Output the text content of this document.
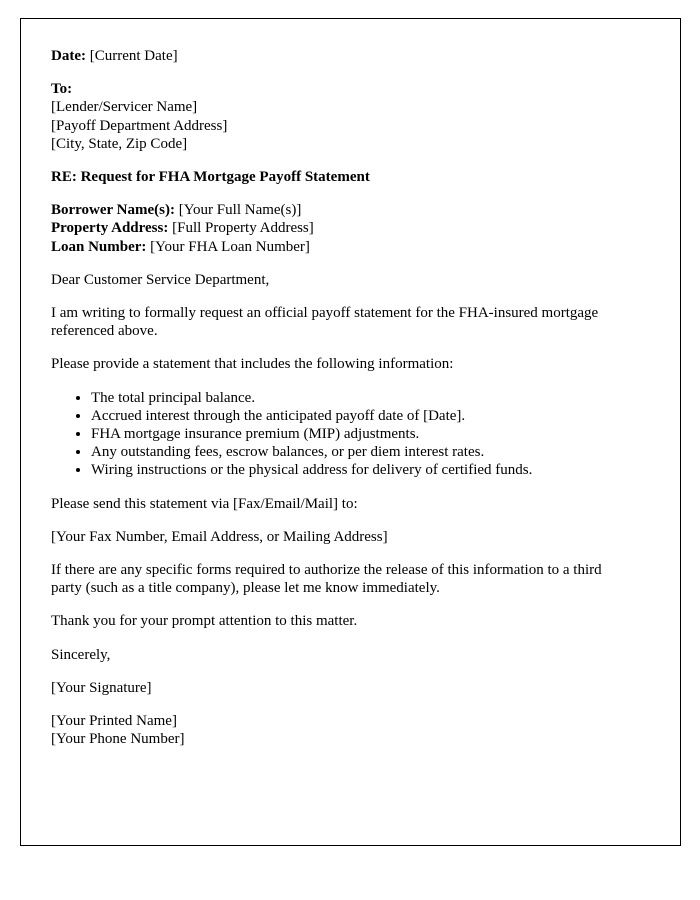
Date: [Current Date]

To:
[Lender/Servicer Name]
[Payoff Department Address]
[City, State, Zip Code]

RE: Request for FHA Mortgage Payoff Statement

Borrower Name(s): [Your Full Name(s)]
Property Address: [Full Property Address]
Loan Number: [Your FHA Loan Number]

Dear Customer Service Department,

I am writing to formally request an official payoff statement for the FHA-insured mortgage referenced above.

Please provide a statement that includes the following information:

• The total principal balance.
• Accrued interest through the anticipated payoff date of [Date].
• FHA mortgage insurance premium (MIP) adjustments.
• Any outstanding fees, escrow balances, or per diem interest rates.
• Wiring instructions or the physical address for delivery of certified funds.

Please send this statement via [Fax/Email/Mail] to:

[Your Fax Number, Email Address, or Mailing Address]

If there are any specific forms required to authorize the release of this information to a third party (such as a title company), please let me know immediately.

Thank you for your prompt attention to this matter.

Sincerely,

[Your Signature]

[Your Printed Name]
[Your Phone Number]
